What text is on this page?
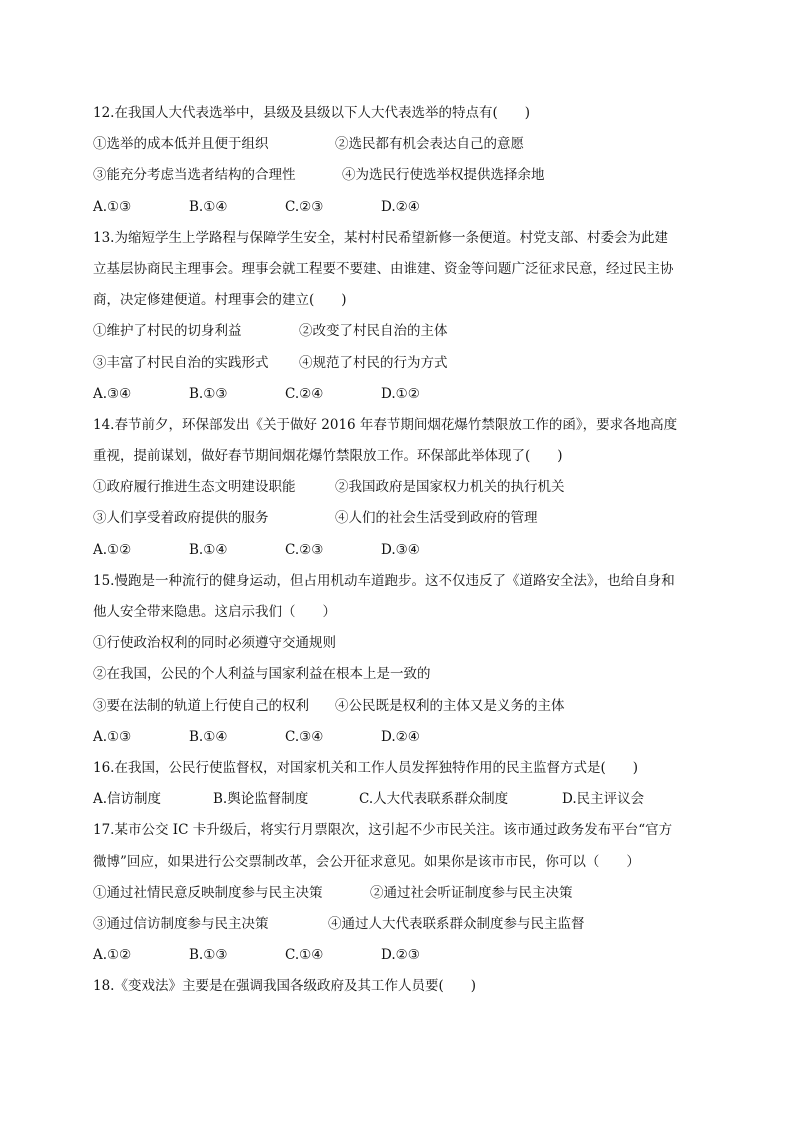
12.在我国人大代表选举中，县级及县级以下人大代表选举的特点有(　　)
①选举的成本低并且便于组织	②选民都有机会表达自己的意愿
③能充分考虑当选者结构的合理性	④为选民行使选举权提供选择余地
A.①③	B.①④	C.②③	D.②④
13.为缩短学生上学路程与保障学生安全，某村村民希望新修一条便道。村党支部、村委会为此建
立基层协商民主理事会。理事会就工程要不要建、由谁建、资金等问题广泛征求民意，经过民主协
商，决定修建便道。村理事会的建立(　　)
①维护了村民的切身利益	②改变了村民自治的主体
③丰富了村民自治的实践形式	④规范了村民的行为方式
A.③④	B.①③	C.②④	D.①②
14.春节前夕，环保部发出《关于做好 2016 年春节期间烟花爆竹禁限放工作的函》，要求各地高度
重视，提前谋划，做好春节期间烟花爆竹禁限放工作。环保部此举体现了(　　)
①政府履行推进生态文明建设职能	②我国政府是国家权力机关的执行机关
③人们享受着政府提供的服务	④人们的社会生活受到政府的管理
A.①②	B.①④	C.②③	D.③④
15.慢跑是一种流行的健身运动，但占用机动车道跑步。这不仅违反了《道路安全法》，也给自身和
他人安全带来隐患。这启示我们（　　）
①行使政治权利的同时必须遵守交通规则
②在我国，公民的个人利益与国家利益在根本上是一致的
③要在法制的轨道上行使自己的权利	④公民既是权利的主体又是义务的主体
A.①③	B.①④	C.③④	D.②④
16.在我国，公民行使监督权，对国家机关和工作人员发挥独特作用的民主监督方式是(　　)
A.信访制度	B.舆论监督制度	C.人大代表联系群众制度	D.民主评议会
17.某市公交 IC 卡升级后，将实行月票限次，这引起不少市民关注。该市通过政务发布平台“官方
微博”回应，如果进行公交票制改革，会公开征求意见。如果你是该市市民，你可以（　　）
①通过社情民意反映制度参与民主决策	②通过社会听证制度参与民主决策
③通过信访制度参与民主决策	④通过人大代表联系群众制度参与民主监督
A.①②	B.①③	C.①④	D.②③
18.《变戏法》主要是在强调我国各级政府及其工作人员要(　　)
